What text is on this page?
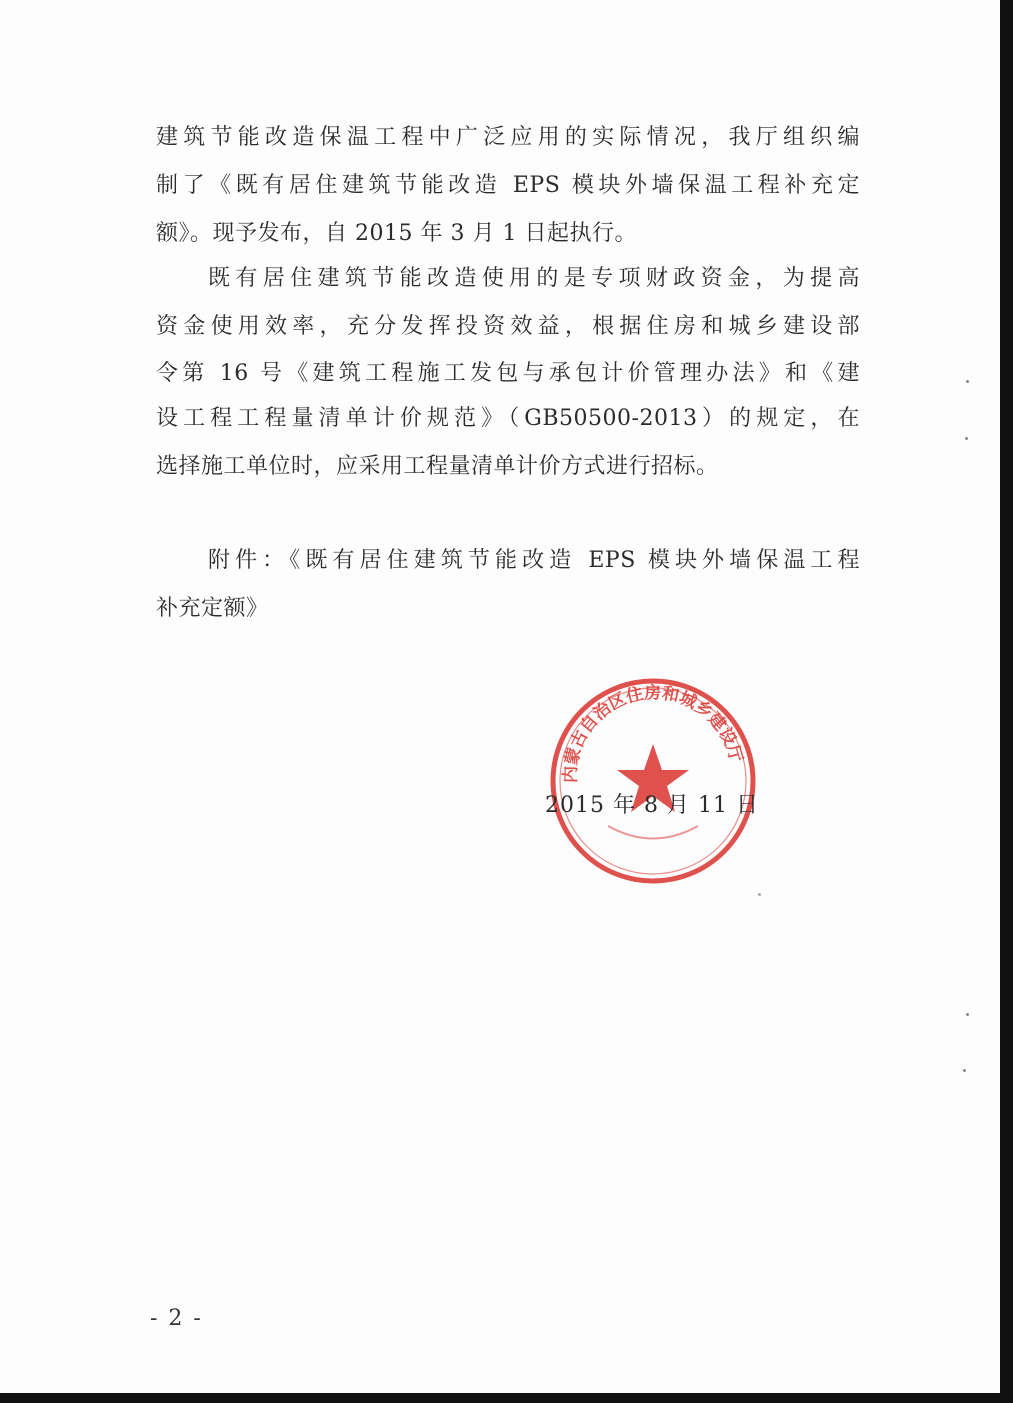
建筑节能改造保温工程中广泛应用的实际情况，我厅组织编
制了《既有居住建筑节能改造 EPS 模块外墙保温工程补充定
额》。现予发布，自 2015 年 3 月 1 日起执行。
既有居住建筑节能改造使用的是专项财政资金，为提高
资金使用效率，充分发挥投资效益，根据住房和城乡建设部
令第 16 号《建筑工程施工发包与承包计价管理办法》和《建
设工程工程量清单计价规范》（GB50500-2013）的规定，在
选择施工单位时，应采用工程量清单计价方式进行招标。
附件：《既有居住建筑节能改造 EPS 模块外墙保温工程
补充定额》
内蒙古自治区住房和城乡建设厅
2015 年 8 月 11 日
- 2 -
